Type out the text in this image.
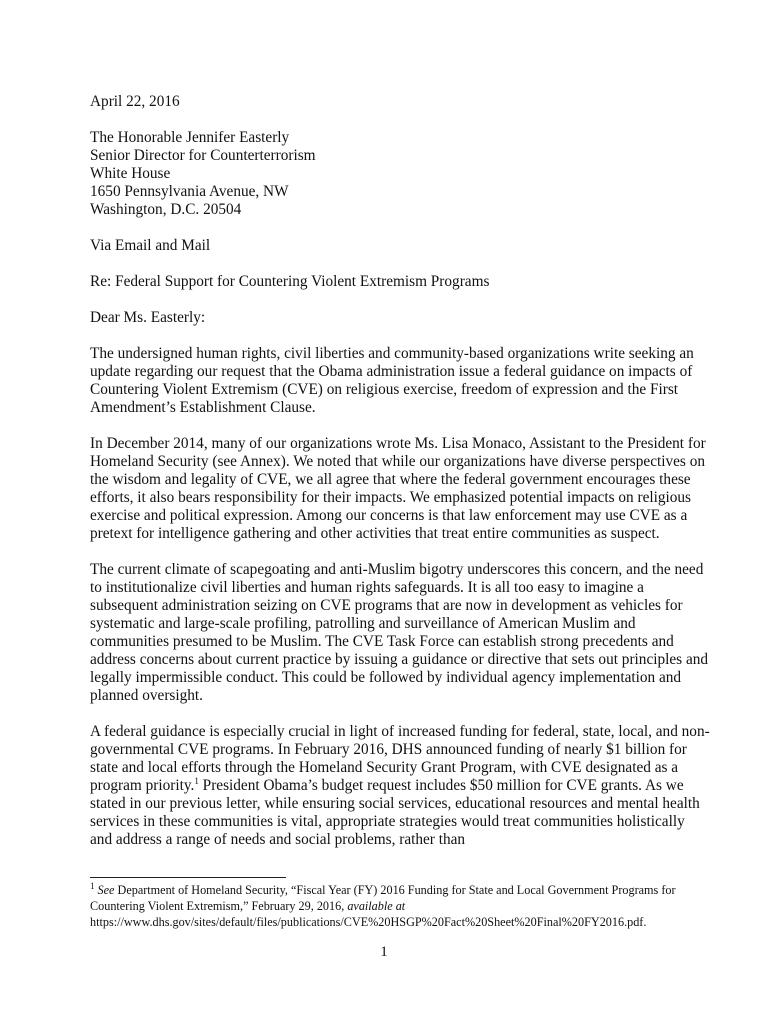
April 22, 2016

The Honorable Jennifer Easterly
Senior Director for Counterterrorism
White House
1650 Pennsylvania Avenue, NW
Washington, D.C. 20504

Via Email and Mail

Re: Federal Support for Countering Violent Extremism Programs

Dear Ms. Easterly:

The undersigned human rights, civil liberties and community-based organizations write seeking an update regarding our request that the Obama administration issue a federal guidance on impacts of Countering Violent Extremism (CVE) on religious exercise, freedom of expression and the First Amendment’s Establishment Clause.

In December 2014, many of our organizations wrote Ms. Lisa Monaco, Assistant to the President for Homeland Security (see Annex). We noted that while our organizations have diverse perspectives on the wisdom and legality of CVE, we all agree that where the federal government encourages these efforts, it also bears responsibility for their impacts. We emphasized potential impacts on religious exercise and political expression. Among our concerns is that law enforcement may use CVE as a pretext for intelligence gathering and other activities that treat entire communities as suspect.

The current climate of scapegoating and anti-Muslim bigotry underscores this concern, and the need to institutionalize civil liberties and human rights safeguards. It is all too easy to imagine a subsequent administration seizing on CVE programs that are now in development as vehicles for systematic and large-scale profiling, patrolling and surveillance of American Muslim and communities presumed to be Muslim. The CVE Task Force can establish strong precedents and address concerns about current practice by issuing a guidance or directive that sets out principles and legally impermissible conduct. This could be followed by individual agency implementation and planned oversight.

A federal guidance is especially crucial in light of increased funding for federal, state, local, and non-governmental CVE programs. In February 2016, DHS announced funding of nearly $1 billion for state and local efforts through the Homeland Security Grant Program, with CVE designated as a program priority.$^1$ President Obama’s budget request includes $50 million for CVE grants. As we stated in our previous letter, while ensuring social services, educational resources and mental health services in these communities is vital, appropriate strategies would treat communities holistically and address a range of needs and social problems, rather than

$^1$ See Department of Homeland Security, “Fiscal Year (FY) 2016 Funding for State and Local Government Programs for Countering Violent Extremism,” February 29, 2016, available at
https://www.dhs.gov/sites/default/files/publications/CVE%20HSGP%20Fact%20Sheet%20Final%20FY2016.pdf.
1
